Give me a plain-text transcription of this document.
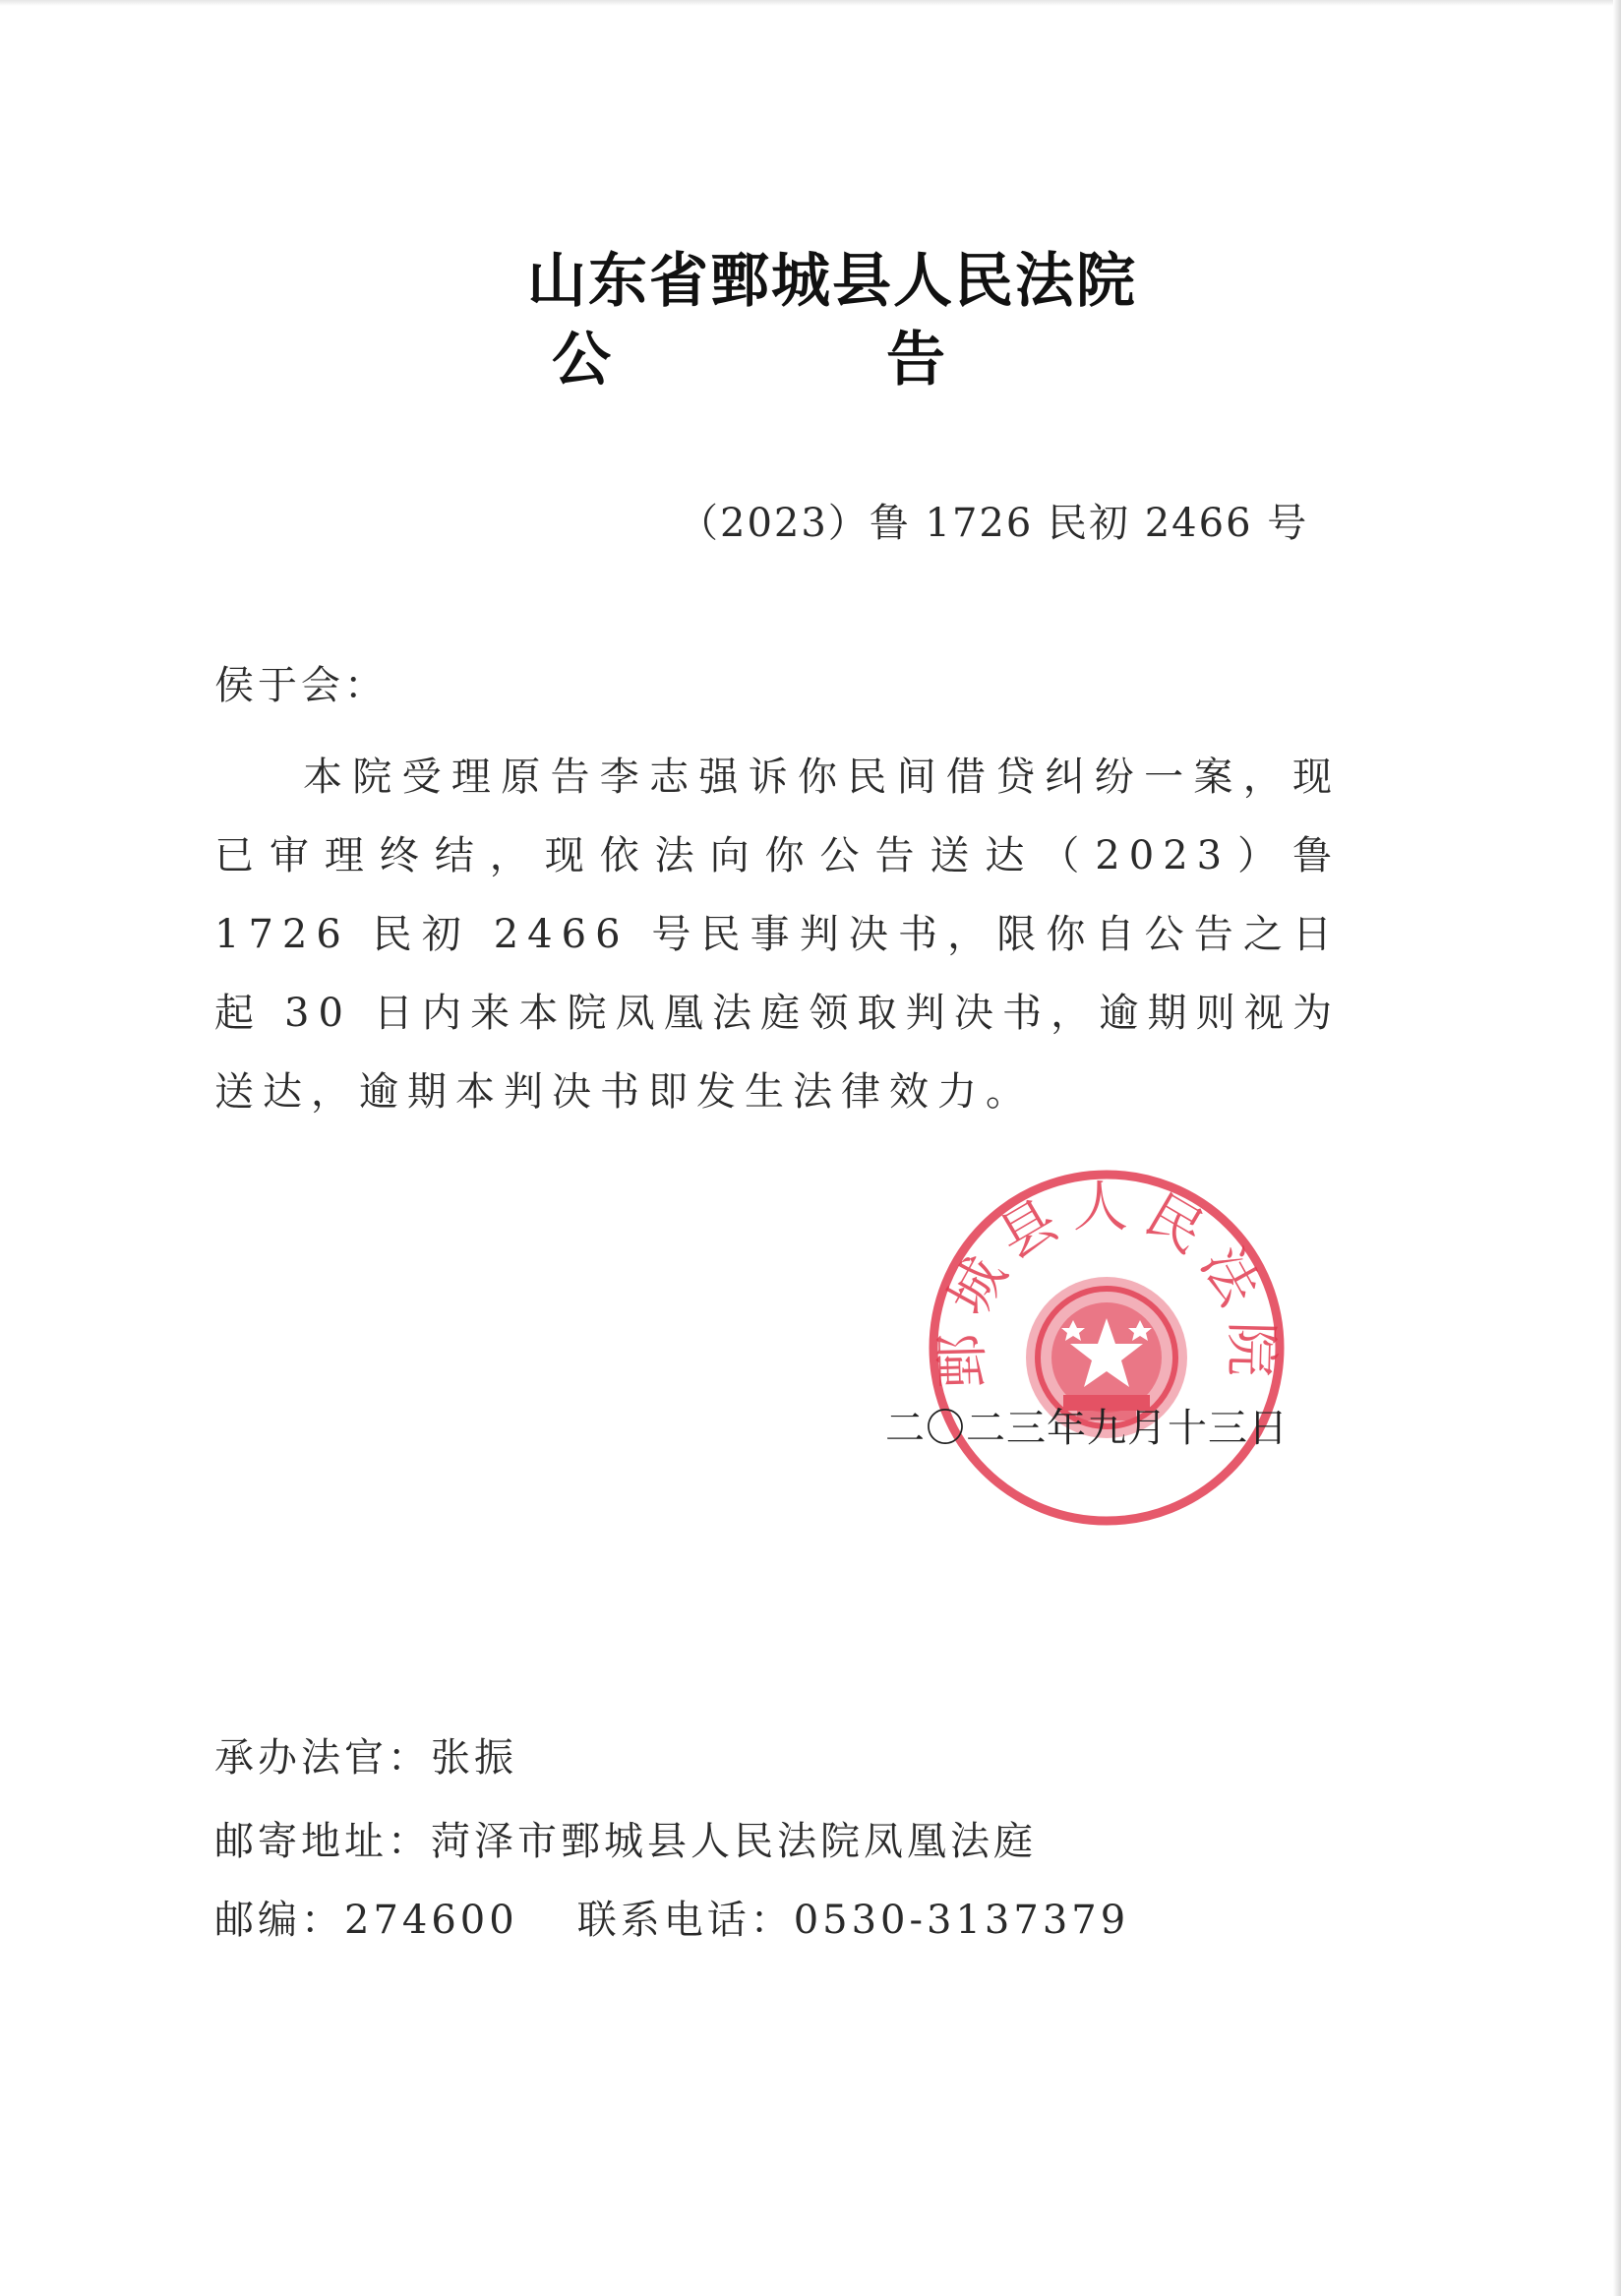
山东省鄄城县人民法院
公　告
（2023）鲁 1726 民初 2466 号
侯于会：

本院受理原告李志强诉你民间借贷纠纷一案，现已审理终结，现依法向你公告送达（2023）鲁 1726 民初 2466 号民事判决书，限你自公告之日起 30 日内来本院凤凰法庭领取判决书，逾期则视为送达，逾期本判决书即发生法律效力。

鄄城县人民法院
二〇二三年九月十三日
承办法官：张振
邮寄地址：菏泽市鄄城县人民法院凤凰法庭
邮编：274600 联系电话：0530-3137379
